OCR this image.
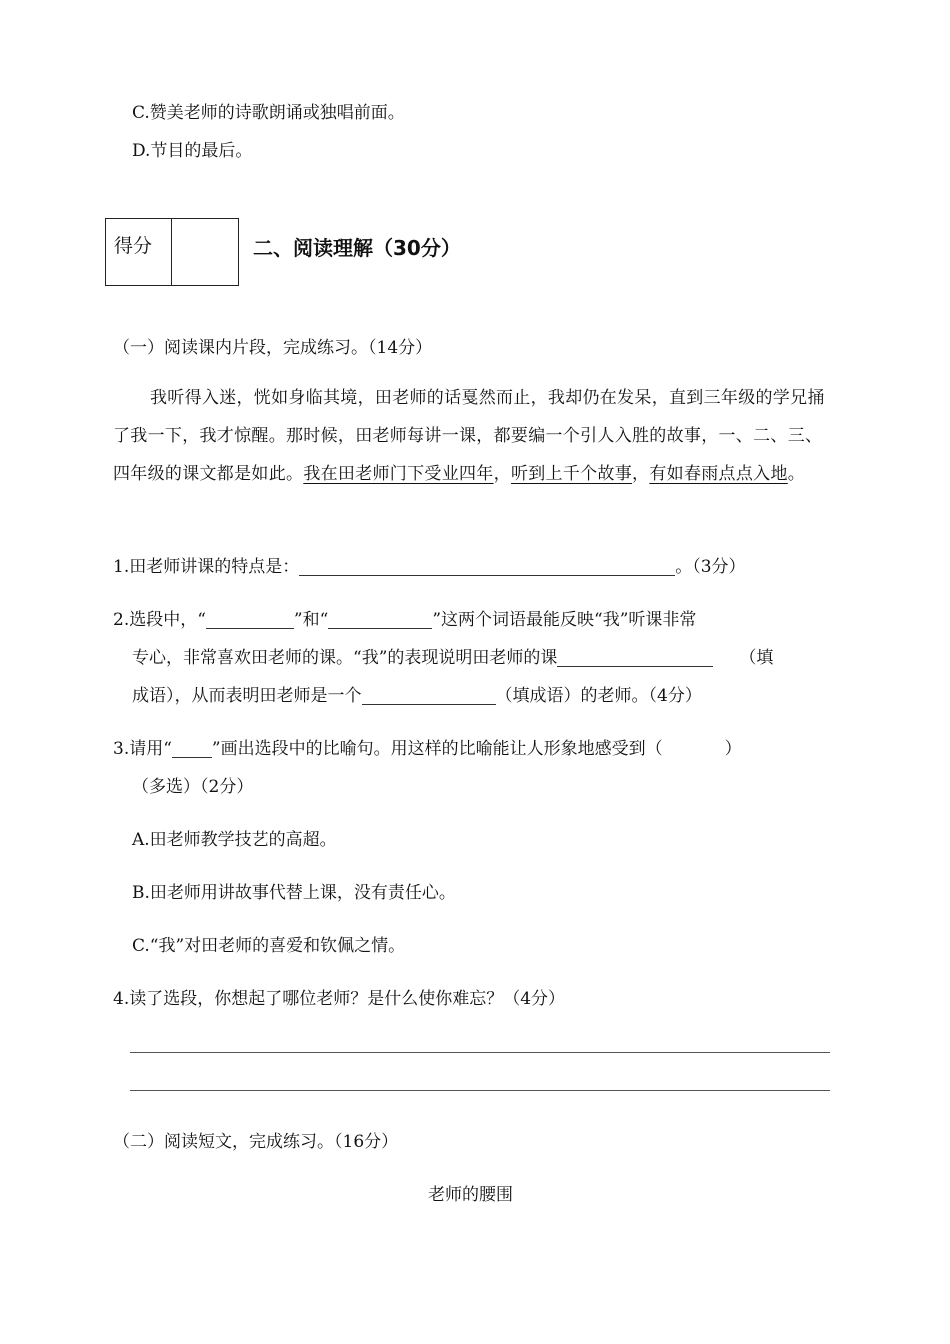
C.赞美老师的诗歌朗诵或独唱前面。
D.节目的最后。
得分	二、阅读理解（30分）
（一）阅读课内片段，完成练习。（14分）
我听得入迷，恍如身临其境，田老师的话戛然而止，我却仍在发呆，直到三年级的学兄捅了我一下，我才惊醒。那时候，田老师每讲一课，都要编一个引人入胜的故事，一、二、三、四年级的课文都是如此。我在田老师门下受业四年，听到上千个故事，有如春雨点点入地。
1.田老师讲课的特点是：	。（3分）
2.选段中，“	”和“	”这两个词语最能反映“我”听课非常
专心，非常喜欢田老师的课。“我”的表现说明田老师的课	（填
成语），从而表明田老师是一个	（填成语）的老师。（4分）
3.请用“ ”画出选段中的比喻句。用这样的比喻能让人形象地感受到（	）
（多选）（2分）
A.田老师教学技艺的高超。
B.田老师用讲故事代替上课，没有责任心。
C.“我”对田老师的喜爱和钦佩之情。
4.读了选段，你想起了哪位老师？是什么使你难忘？（4分）
（二）阅读短文，完成练习。（16分）
老师的腰围
